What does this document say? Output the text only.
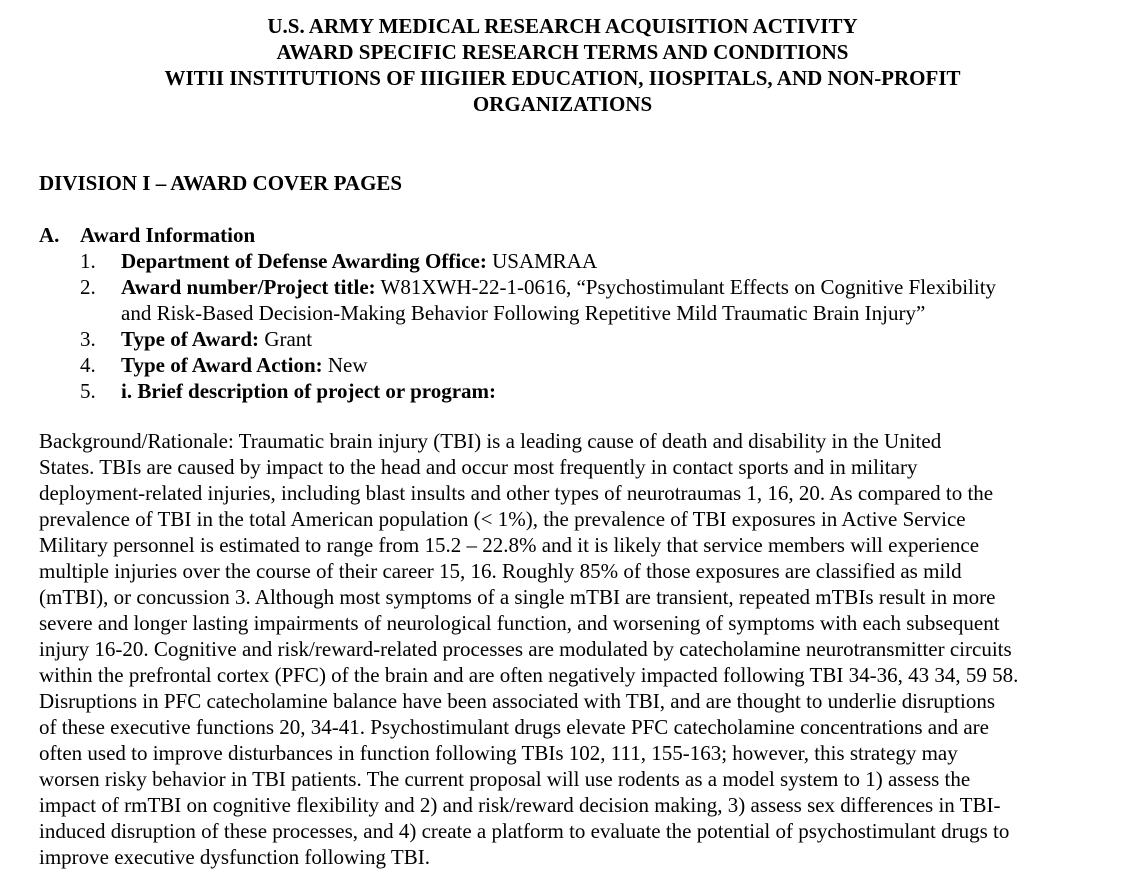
U.S. ARMY MEDICAL RESEARCH ACQUISITION ACTIVITY
AWARD SPECIFIC RESEARCH TERMS AND CONDITIONS
WITII INSTITUTIONS OF IIIGIIER EDUCATION, IIOSPITALS, AND NON-PROFIT
ORGANIZATIONS
DIVISION I – AWARD COVER PAGES
A. Award Information
1. Department of Defense Awarding Office: USAMRAA
2. Award number/Project title: W81XWH-22-1-0616, “Psychostimulant Effects on Cognitive Flexibility
and Risk-Based Decision-Making Behavior Following Repetitive Mild Traumatic Brain Injury”
3. Type of Award: Grant
4. Type of Award Action: New
5. i. Brief description of project or program:
Background/Rationale: Traumatic brain injury (TBI) is a leading cause of death and disability in the United
States. TBIs are caused by impact to the head and occur most frequently in contact sports and in military
deployment-related injuries, including blast insults and other types of neurotraumas 1, 16, 20. As compared to the
prevalence of TBI in the total American population (< 1%), the prevalence of TBI exposures in Active Service
Military personnel is estimated to range from 15.2 – 22.8% and it is likely that service members will experience
multiple injuries over the course of their career 15, 16. Roughly 85% of those exposures are classified as mild
(mTBI), or concussion 3. Although most symptoms of a single mTBI are transient, repeated mTBIs result in more
severe and longer lasting impairments of neurological function, and worsening of symptoms with each subsequent
injury 16-20. Cognitive and risk/reward-related processes are modulated by catecholamine neurotransmitter circuits
within the prefrontal cortex (PFC) of the brain and are often negatively impacted following TBI 34-36, 43 34, 59 58.
Disruptions in PFC catecholamine balance have been associated with TBI, and are thought to underlie disruptions
of these executive functions 20, 34-41. Psychostimulant drugs elevate PFC catecholamine concentrations and are
often used to improve disturbances in function following TBIs 102, 111, 155-163; however, this strategy may
worsen risky behavior in TBI patients. The current proposal will use rodents as a model system to 1) assess the
impact of rmTBI on cognitive flexibility and 2) and risk/reward decision making, 3) assess sex differences in TBI-
induced disruption of these processes, and 4) create a platform to evaluate the potential of psychostimulant drugs to
improve executive dysfunction following TBI.
